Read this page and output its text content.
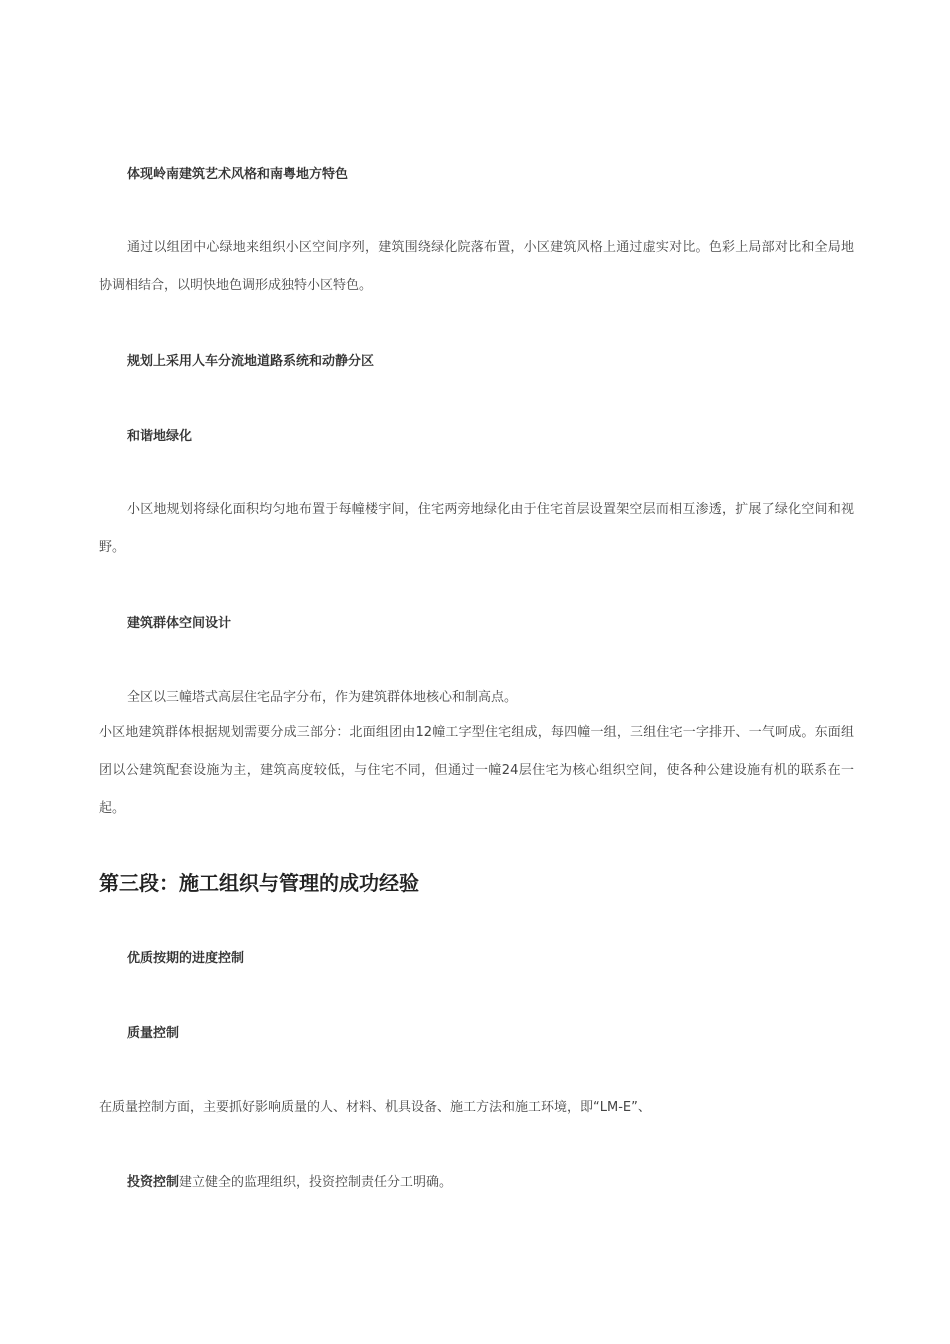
体现岭南建筑艺术风格和南粤地方特色

通过以组团中心绿地来组织小区空间序列，建筑围绕绿化院落布置，小区建筑风格上通过虚实对比。色彩上局部对比和全局地协调相结合，以明快地色调形成独特小区特色。

规划上采用人车分流地道路系统和动静分区

和谐地绿化

小区地规划将绿化面积均匀地布置于每幢楼宇间，住宅两旁地绿化由于住宅首层设置架空层而相互渗透，扩展了绿化空间和视野。

建筑群体空间设计

全区以三幢塔式高层住宅品字分布，作为建筑群体地核心和制高点。

小区地建筑群体根据规划需要分成三部分：北面组团由12幢工字型住宅组成，每四幢一组，三组住宅一字排开、一气呵成。东面组团以公建筑配套设施为主，建筑高度较低，与住宅不同，但通过一幢24层住宅为核心组织空间，使各种公建设施有机的联系在一起。

第三段：施工组织与管理的成功经验

优质按期的进度控制

质量控制

在质量控制方面，主要抓好影响质量的人、材料、机具设备、施工方法和施工环境，即“LM-E”、

投资控制建立健全的监理组织，投资控制责任分工明确。
